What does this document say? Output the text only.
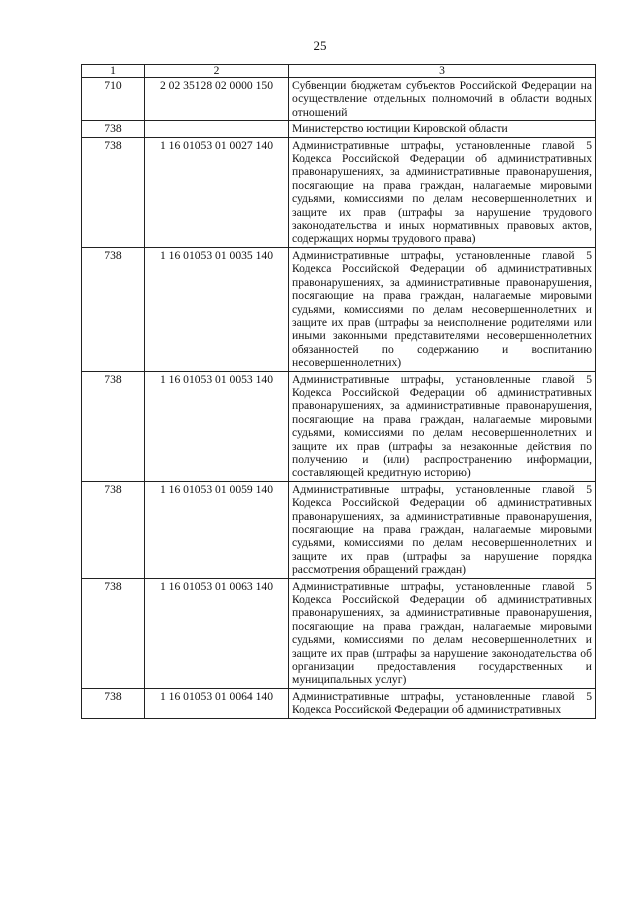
25
1	2	3
710	2 02 35128 02 0000 150	Субвенции бюджетам субъектов Российской Федерации на осуществление отдельных полномочий в области водных отношений
738		Министерство юстиции Кировской области
738	1 16 01053 01 0027 140	Административные штрафы, установленные главой 5 Кодекса Российской Федерации об административных правонарушениях, за административные правонарушения, посягающие на права граждан, налагаемые мировыми судьями, комиссиями по делам несовершеннолетних и защите их прав (штрафы за нарушение трудового законодательства и иных нормативных правовых актов, содержащих нормы трудового права)
738	1 16 01053 01 0035 140	Административные штрафы, установленные главой 5 Кодекса Российской Федерации об административных правонарушениях, за административные правонарушения, посягающие на права граждан, налагаемые мировыми судьями, комиссиями по делам несовершеннолетних и защите их прав (штрафы за неисполнение родителями или иными законными представителями несовершеннолетних обязанностей по содержанию и воспитанию несовершеннолетних)
738	1 16 01053 01 0053 140	Административные штрафы, установленные главой 5 Кодекса Российской Федерации об административных правонарушениях, за административные правонарушения, посягающие на права граждан, налагаемые мировыми судьями, комиссиями по делам несовершеннолетних и защите их прав (штрафы за незаконные действия по получению и (или) распространению информации, составляющей кредитную историю)
738	1 16 01053 01 0059 140	Административные штрафы, установленные главой 5 Кодекса Российской Федерации об административных правонарушениях, за административные правонарушения, посягающие на права граждан, налагаемые мировыми судьями, комиссиями по делам несовершеннолетних и защите их прав (штрафы за нарушение порядка рассмотрения обращений граждан)
738	1 16 01053 01 0063 140	Административные штрафы, установленные главой 5 Кодекса Российской Федерации об административных правонарушениях, за административные правонарушения, посягающие на права граждан, налагаемые мировыми судьями, комиссиями по делам несовершеннолетних и защите их прав (штрафы за нарушение законодательства об организации предоставления государственных и муниципальных услуг)
738	1 16 01053 01 0064 140	Административные штрафы, установленные главой 5 Кодекса Российской Федерации об административных
